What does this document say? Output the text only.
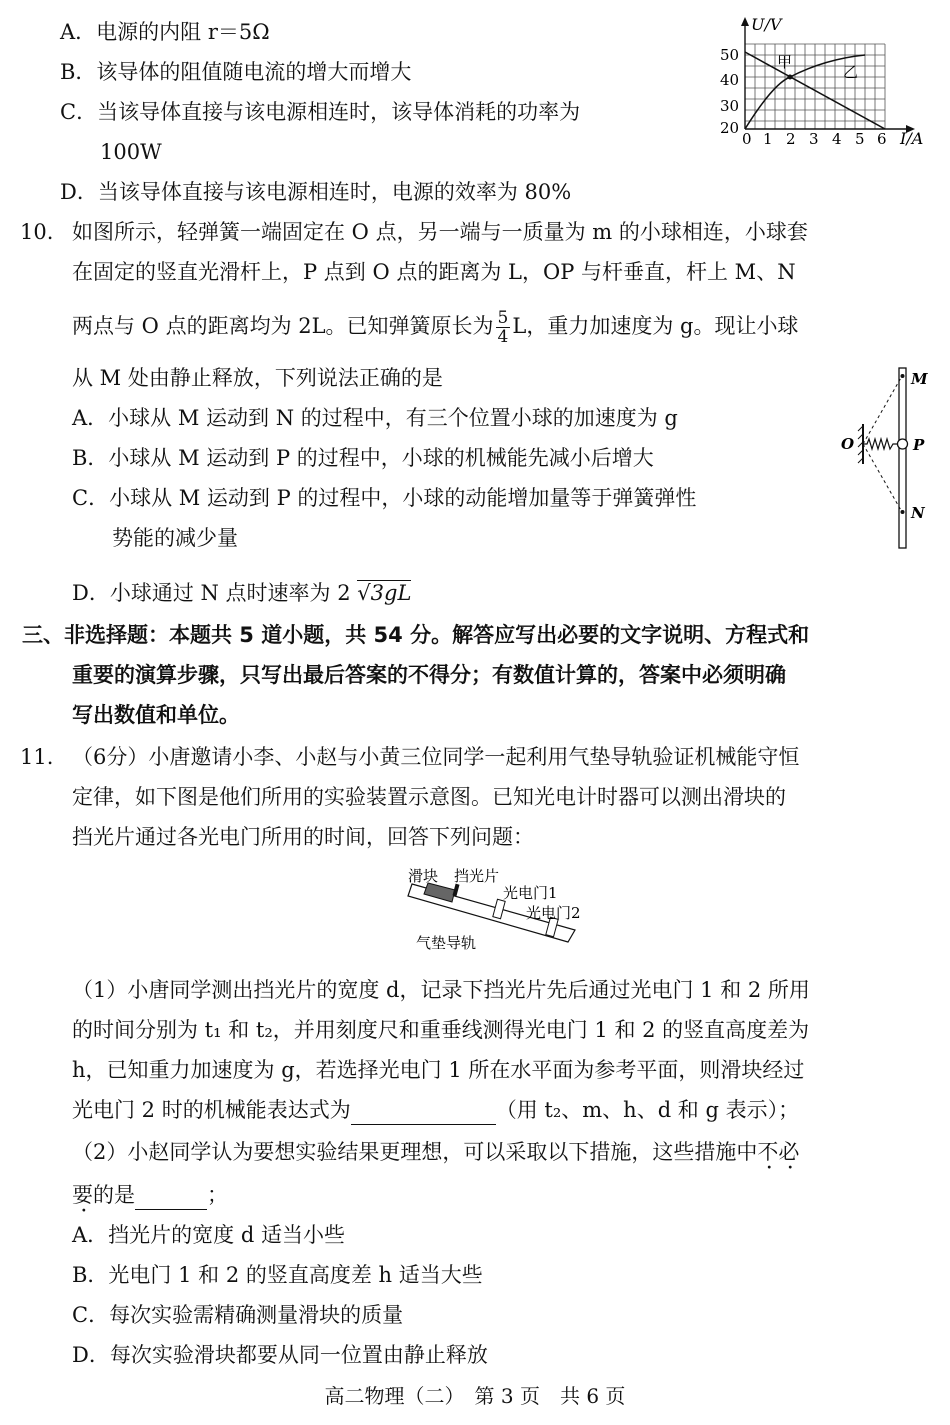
A．电源的内阻 r＝5Ω
B．该导体的阻值随电流的增大而增大
C．当该导体直接与该电源相连时，该导体消耗的功率为
100W
D．当该导体直接与该电源相连时，电源的效率为 80%
甲
乙
U/V
I/A
50
40
30
20
0 1 2 3 4 5 6
10. 如图所示，轻弹簧一端固定在 O 点，另一端与一质量为 m 的小球相连，小球套
在固定的竖直光滑杆上，P 点到 O 点的距离为 L，OP 与杆垂直，杆上 M、N
两点与 O 点的距离均为 2L。已知弹簧原长为 $\frac{5}{4}$ L，重力加速度为 g。现让小球
从 M 处由静止释放，下列说法正确的是
A．小球从 M 运动到 N 的过程中，有三个位置小球的加速度为 g
B．小球从 M 运动到 P 的过程中，小球的机械能先减小后增大
C．小球从 M 运动到 P 的过程中，小球的动能增加量等于弹簧弹性
势能的减少量
D．小球通过 N 点时速率为 2 √3gL
M
O	P
N
三、非选择题：本题共 5 道小题，共 54 分。解答应写出必要的文字说明、方程式和
重要的演算步骤，只写出最后答案的不得分；有数值计算的，答案中必须明确
写出数值和单位。
11. （6分）小唐邀请小李、小赵与小黄三位同学一起利用气垫导轨验证机械能守恒
定律，如下图是他们所用的实验装置示意图。已知光电计时器可以测出滑块的
挡光片通过各光电门所用的时间，回答下列问题：
滑块 挡光片
光电门1
光电门2
气垫导轨
（1）小唐同学测出挡光片的宽度 d，记录下挡光片先后通过光电门 1 和 2 所用
的时间分别为 t₁ 和 t₂，并用刻度尺和重垂线测得光电门 1 和 2 的竖直高度差为
h，已知重力加速度为 g，若选择光电门 1 所在水平面为参考平面，则滑块经过
光电门 2 时的机械能表达式为	（用 t₂、m、h、d 和 g 表示）；
（2）小赵同学认为要想实验结果更理想，可以采取以下措施，这些措施中不必
要的是	；
A．挡光片的宽度 d 适当小些
B．光电门 1 和 2 的竖直高度差 h 适当大些
C．每次实验需精确测量滑块的质量
D．每次实验滑块都要从同一位置由静止释放
高二物理（二）　第 3 页　共 6 页
